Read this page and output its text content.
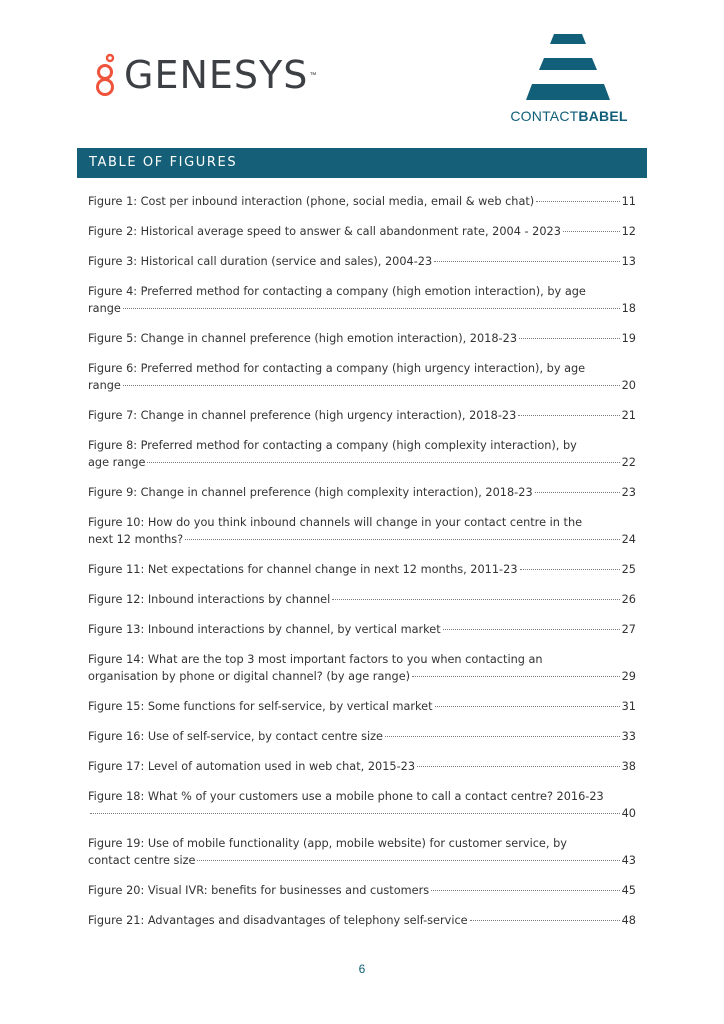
GENESYS ™
CONTACTBABEL
TABLE OF FIGURES
Figure 1: Cost per inbound interaction (phone, social media, email & web chat)	11
Figure 2: Historical average speed to answer & call abandonment rate, 2004 - 2023	12
Figure 3: Historical call duration (service and sales), 2004-23	13
Figure 4: Preferred method for contacting a company (high emotion interaction), by age
range	18
Figure 5: Change in channel preference (high emotion interaction), 2018-23	19
Figure 6: Preferred method for contacting a company (high urgency interaction), by age
range	20
Figure 7: Change in channel preference (high urgency interaction), 2018-23	21
Figure 8: Preferred method for contacting a company (high complexity interaction), by
age range	22
Figure 9: Change in channel preference (high complexity interaction), 2018-23	23
Figure 10: How do you think inbound channels will change in your contact centre in the
next 12 months?	24
Figure 11: Net expectations for channel change in next 12 months, 2011-23	25
Figure 12: Inbound interactions by channel	26
Figure 13: Inbound interactions by channel, by vertical market	27
Figure 14: What are the top 3 most important factors to you when contacting an
organisation by phone or digital channel? (by age range)	29
Figure 15: Some functions for self-service, by vertical market	31
Figure 16: Use of self-service, by contact centre size	33
Figure 17: Level of automation used in web chat, 2015-23	38
Figure 18: What % of your customers use a mobile phone to call a contact centre? 2016-23
40
Figure 19: Use of mobile functionality (app, mobile website) for customer service, by
contact centre size	43
Figure 20: Visual IVR: benefits for businesses and customers	45
Figure 21: Advantages and disadvantages of telephony self-service	48
6
